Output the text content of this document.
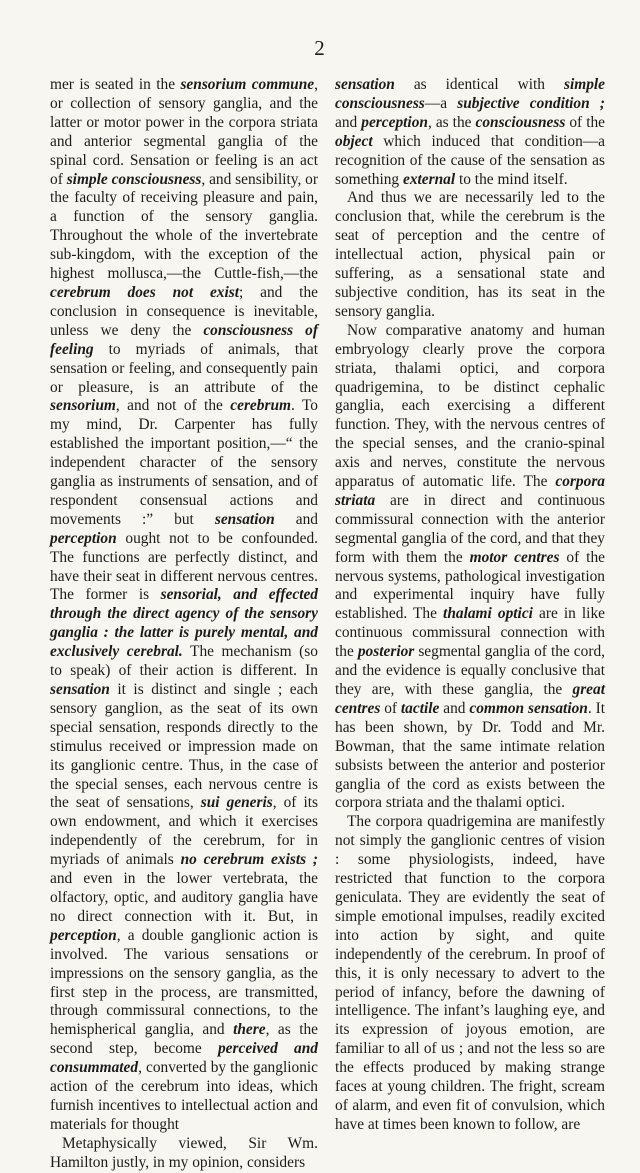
2

mer is seated in the sensorium commune, or collection of sensory ganglia, and the latter or motor power in the corpora striata and anterior segmental ganglia of the spinal cord. Sensation or feeling is an act of simple consciousness, and sensibility, or the faculty of receiving pleasure and pain, a function of the sensory ganglia. Throughout the whole of the invertebrate sub-kingdom, with the exception of the highest mollusca,—the Cuttle-fish,—the cerebrum does not exist; and the conclusion in consequence is inevitable, unless we deny the consciousness of feeling to myriads of animals, that sensation or feeling, and consequently pain or pleasure, is an attribute of the sensorium, and not of the cerebrum. To my mind, Dr. Carpenter has fully established the important position,—“ the independent character of the sensory ganglia as instruments of sensation, and of respondent consensual actions and movements :” but sensation and perception ought not to be confounded. The functions are perfectly distinct, and have their seat in different nervous centres. The former is sensorial, and effected through the direct agency of the sensory ganglia : the latter is purely mental, and exclusively cerebral. The mechanism (so to speak) of their action is different. In sensation it is distinct and single ; each sensory ganglion, as the seat of its own special sensation, responds directly to the stimulus received or impression made on its ganglionic centre. Thus, in the case of the special senses, each nervous centre is the seat of sensations, sui generis, of its own endowment, and which it exercises independently of the cerebrum, for in myriads of animals no cerebrum exists ; and even in the lower vertebrata, the olfactory, optic, and auditory ganglia have no direct connection with it. But, in perception, a double ganglionic action is involved. The various sensations or impressions on the sensory ganglia, as the first step in the process, are transmitted, through commissural connections, to the hemispherical ganglia, and there, as the second step, become perceived and consummated, converted by the ganglionic action of the cerebrum into ideas, which furnish incentives to intellectual action and materials for thought

Metaphysically viewed, Sir Wm. Hamilton justly, in my opinion, considers

sensation as identical with simple consciousness—a subjective condition ; and perception, as the consciousness of the object which induced that condition—a recognition of the cause of the sensation as something external to the mind itself.

And thus we are necessarily led to the conclusion that, while the cerebrum is the seat of perception and the centre of intellectual action, physical pain or suffering, as a sensational state and subjective condition, has its seat in the sensory ganglia.

Now comparative anatomy and human embryology clearly prove the corpora striata, thalami optici, and corpora quadrigemina, to be distinct cephalic ganglia, each exercising a different function. They, with the nervous centres of the special senses, and the cranio-spinal axis and nerves, constitute the nervous apparatus of automatic life. The corpora striata are in direct and continuous commissural connection with the anterior segmental ganglia of the cord, and that they form with them the motor centres of the nervous systems, pathological investigation and experimental inquiry have fully established. The thalami optici are in like continuous commissural connection with the posterior segmental ganglia of the cord, and the evidence is equally conclusive that they are, with these ganglia, the great centres of tactile and common sensation. It has been shown, by Dr. Todd and Mr. Bowman, that the same intimate relation subsists between the anterior and posterior ganglia of the cord as exists between the corpora striata and the thalami optici.

The corpora quadrigemina are manifestly not simply the ganglionic centres of vision : some physiologists, indeed, have restricted that function to the corpora geniculata. They are evidently the seat of simple emotional impulses, readily excited into action by sight, and quite independently of the cerebrum. In proof of this, it is only necessary to advert to the period of infancy, before the dawning of intelligence. The infant’s laughing eye, and its expression of joyous emotion, are familiar to all of us ; and not the less so are the effects produced by making strange faces at young children. The fright, scream of alarm, and even fit of convulsion, which have at times been known to follow, are
